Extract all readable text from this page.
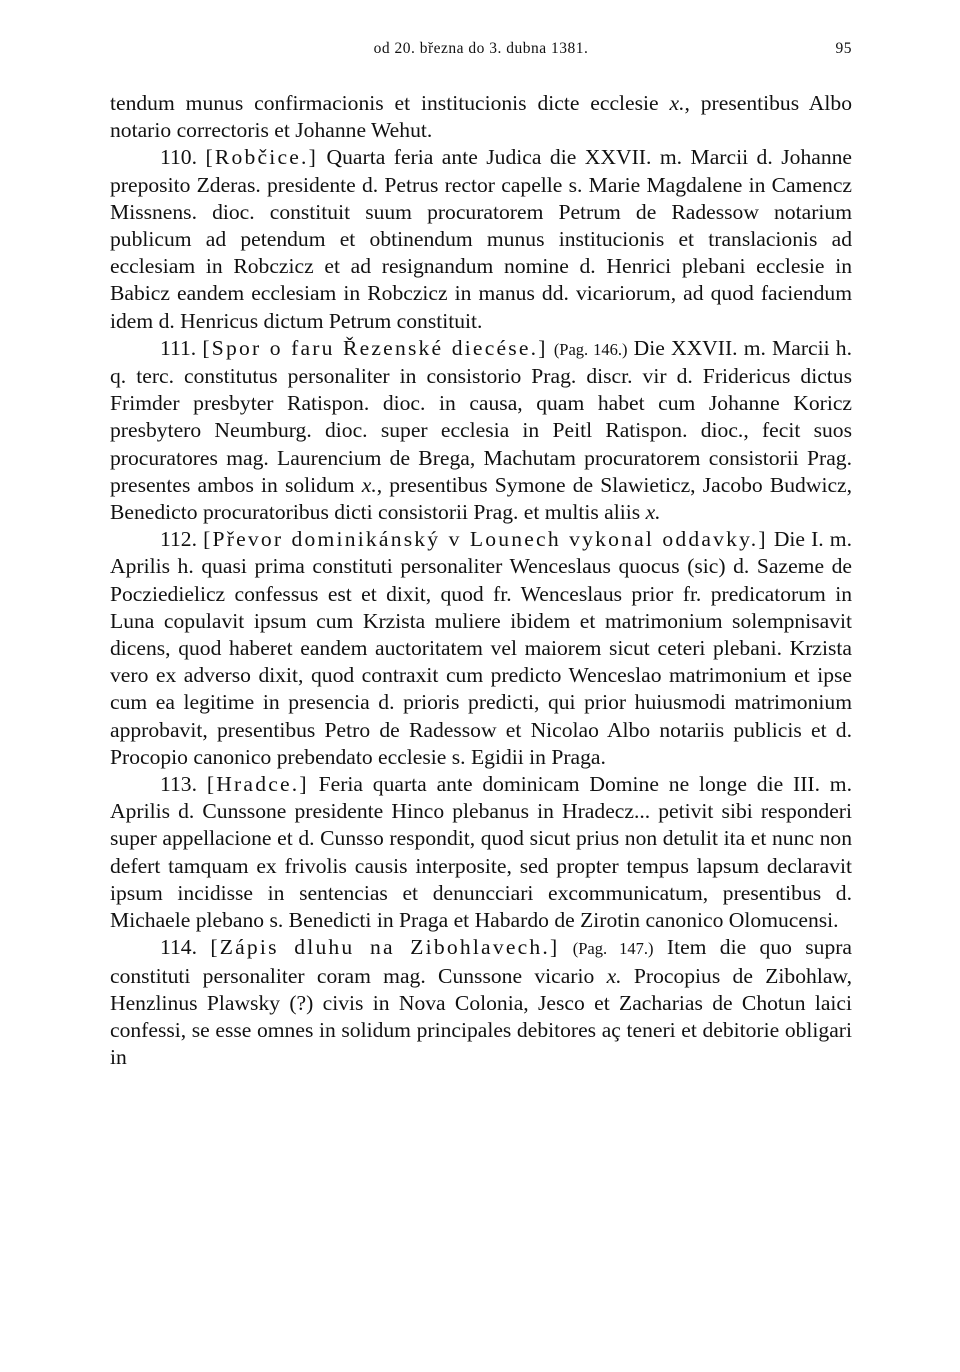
od 20. března do 3. dubna 1381.	95

tendum munus confirmacionis et institucionis dicte ecclesie x., presentibus Albo notario correctoris et Johanne Wehut.

110. [Robčice.] Quarta feria ante Judica die XXVII. m. Marcii d. Johanne preposito Zderas. presidente d. Petrus rector capelle s. Marie Magdalene in Camencz Missnens. dioc. constituit suum procuratorem Petrum de Radessow notarium publicum ad petendum et obtinendum munus institucionis et translacionis ad ecclesiam in Robczicz et ad resignandum nomine d. Henrici plebani ecclesie in Babicz eandem ecclesiam in Robczicz in manus dd. vicariorum, ad quod faciendum idem d. Henricus dictum Petrum constituit.

111. [Spor o faru Řezenské diecése.] (Pag. 146.) Die XXVII. m. Marcii h. q. terc. constitutus personaliter in consistorio Prag. discr. vir d. Fridericus dictus Frimder presbyter Ratispon. dioc. in causa, quam habet cum Johanne Koricz presbytero Neumburg. dioc. super ecclesia in Peitl Ratispon. dioc., fecit suos procuratores mag. Laurencium de Brega, Machutam procuratorem consistorii Prag. presentes ambos in solidum x., presentibus Symone de Slawieticz, Jacobo Budwicz, Benedicto procuratoribus dicti consistorii Prag. et multis aliis x.

112. [Převor dominikánský v Lounech vykonal oddavky.] Die I. m. Aprilis h. quasi prima constituti personaliter Wenceslaus quocus (sic) d. Sazeme de Pocziedielicz confessus est et dixit, quod fr. Wenceslaus prior fr. predicatorum in Luna copulavit ipsum cum Krzista muliere ibidem et matrimonium solempnisavit dicens, quod haberet eandem auctoritatem vel maiorem sicut ceteri plebani. Krzista vero ex adverso dixit, quod contraxit cum predicto Wenceslao matrimonium et ipse cum ea legitime in presencia d. prioris predicti, qui prior huiusmodi matrimonium approbavit, presentibus Petro de Radessow et Nicolao Albo notariis publicis et d. Procopio canonico prebendato ecclesie s. Egidii in Praga.

113. [Hradce.] Feria quarta ante dominicam Domine ne longe die III. m. Aprilis d. Cunssone presidente Hinco plebanus in Hradecz... petivit sibi responderi super appellacione et d. Cunsso respondit, quod sicut prius non detulit ita et nunc non defert tamquam ex frivolis causis interposite, sed propter tempus lapsum declaravit ipsum incidisse in sentencias et denuncciari excommunicatum, presentibus d. Michaele plebano s. Benedicti in Praga et Habardo de Zirotin canonico Olomucensi.

114. [Zápis dluhu na Zibohlavech.] (Pag. 147.) Item die quo supra constituti personaliter coram mag. Cunssone vicario x. Procopius de Zibohlaw, Henzlinus Plawsky (?) civis in Nova Colonia, Jesco et Zacharias de Chotun laici confessi, se esse omnes in solidum principales debitores aç teneri et debitorie obligari in
